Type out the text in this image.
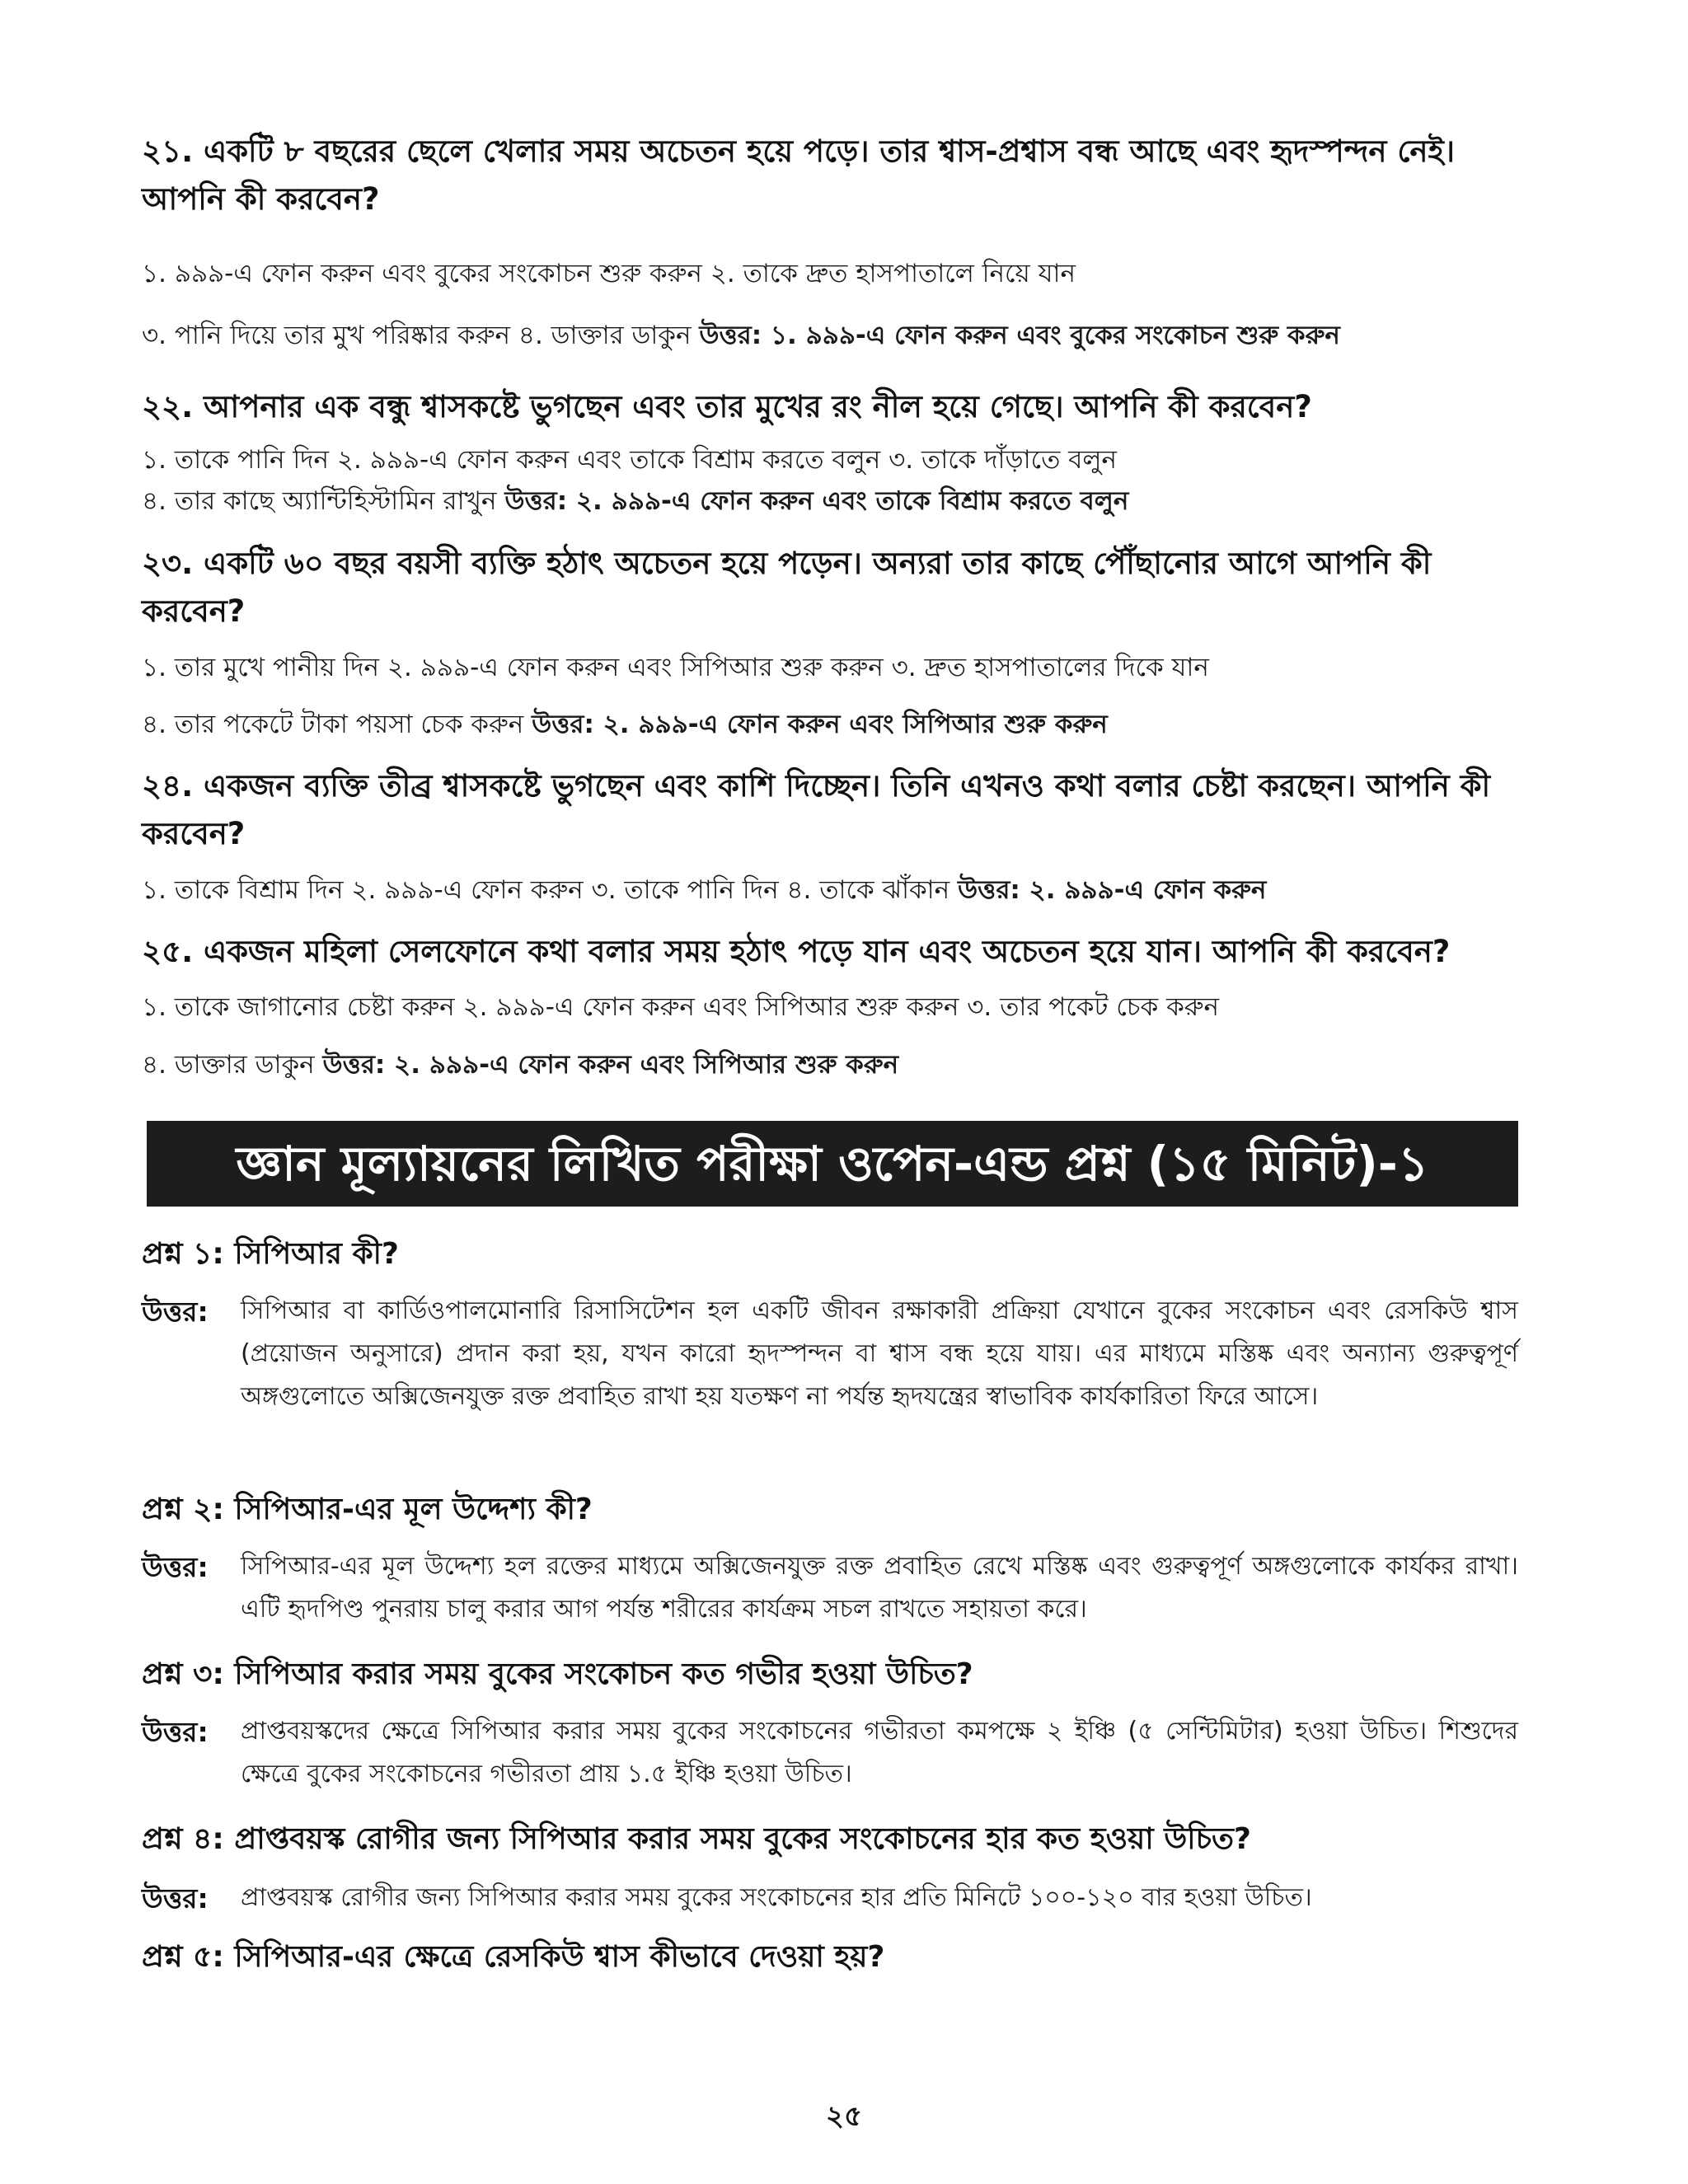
২১. একটি ৮ বছরের ছেলে খেলার সময় অচেতন হয়ে পড়ে। তার শ্বাস-প্রশ্বাস বন্ধ আছে এবং হৃদস্পন্দন নেই। আপনি কী করবেন?
১. ৯৯৯-এ ফোন করুন এবং বুকের সংকোচন শুরু করুন ২. তাকে দ্রুত হাসপাতালে নিয়ে যান
৩. পানি দিয়ে তার মুখ পরিষ্কার করুন ৪. ডাক্তার ডাকুন উত্তর: ১. ৯৯৯-এ ফোন করুন এবং বুকের সংকোচন শুরু করুন
২২. আপনার এক বন্ধু শ্বাসকষ্টে ভুগছেন এবং তার মুখের রং নীল হয়ে গেছে। আপনি কী করবেন?
১. তাকে পানি দিন ২. ৯৯৯-এ ফোন করুন এবং তাকে বিশ্রাম করতে বলুন ৩. তাকে দাঁড়াতে বলুন
৪. তার কাছে অ্যান্টিহিস্টামিন রাখুন উত্তর: ২. ৯৯৯-এ ফোন করুন এবং তাকে বিশ্রাম করতে বলুন
২৩. একটি ৬০ বছর বয়সী ব্যক্তি হঠাৎ অচেতন হয়ে পড়েন। অন্যরা তার কাছে পৌঁছানোর আগে আপনি কী করবেন?
১. তার মুখে পানীয় দিন ২. ৯৯৯-এ ফোন করুন এবং সিপিআর শুরু করুন ৩. দ্রুত হাসপাতালের দিকে যান
৪. তার পকেটে টাকা পয়সা চেক করুন উত্তর: ২. ৯৯৯-এ ফোন করুন এবং সিপিআর শুরু করুন
২৪. একজন ব্যক্তি তীব্র শ্বাসকষ্টে ভুগছেন এবং কাশি দিচ্ছেন। তিনি এখনও কথা বলার চেষ্টা করছেন। আপনি কী করবেন?
১. তাকে বিশ্রাম দিন ২. ৯৯৯-এ ফোন করুন ৩. তাকে পানি দিন ৪. তাকে ঝাঁকান উত্তর: ২. ৯৯৯-এ ফোন করুন
২৫. একজন মহিলা সেলফোনে কথা বলার সময় হঠাৎ পড়ে যান এবং অচেতন হয়ে যান। আপনি কী করবেন?
১. তাকে জাগানোর চেষ্টা করুন ২. ৯৯৯-এ ফোন করুন এবং সিপিআর শুরু করুন ৩. তার পকেট চেক করুন
৪. ডাক্তার ডাকুন উত্তর: ২. ৯৯৯-এ ফোন করুন এবং সিপিআর শুরু করুন
জ্ঞান মূল্যায়নের লিখিত পরীক্ষা ওপেন-এন্ড প্রশ্ন (১৫ মিনিট)-১
প্রশ্ন ১: সিপিআর কী?
উত্তর: সিপিআর বা কার্ডিওপালমোনারি রিসাসিটেশন হল একটি জীবন রক্ষাকারী প্রক্রিয়া যেখানে বুকের সংকোচন এবং রেসকিউ শ্বাস (প্রয়োজন অনুসারে) প্রদান করা হয়, যখন কারো হৃদস্পন্দন বা শ্বাস বন্ধ হয়ে যায়। এর মাধ্যমে মস্তিষ্ক এবং অন্যান্য গুরুত্বপূর্ণ অঙ্গগুলোতে অক্সিজেনযুক্ত রক্ত প্রবাহিত রাখা হয় যতক্ষণ না পর্যন্ত হৃদযন্ত্রের স্বাভাবিক কার্যকারিতা ফিরে আসে।
প্রশ্ন ২: সিপিআর-এর মূল উদ্দেশ্য কী?
উত্তর: সিপিআর-এর মূল উদ্দেশ্য হল রক্তের মাধ্যমে অক্সিজেনযুক্ত রক্ত প্রবাহিত রেখে মস্তিষ্ক এবং গুরুত্বপূর্ণ অঙ্গগুলোকে কার্যকর রাখা। এটি হৃদপিণ্ড পুনরায় চালু করার আগ পর্যন্ত শরীরের কার্যক্রম সচল রাখতে সহায়তা করে।
প্রশ্ন ৩: সিপিআর করার সময় বুকের সংকোচন কত গভীর হওয়া উচিত?
উত্তর: প্রাপ্তবয়স্কদের ক্ষেত্রে সিপিআর করার সময় বুকের সংকোচনের গভীরতা কমপক্ষে ২ ইঞ্চি (৫ সেন্টিমিটার) হওয়া উচিত। শিশুদের ক্ষেত্রে বুকের সংকোচনের গভীরতা প্রায় ১.৫ ইঞ্চি হওয়া উচিত।
প্রশ্ন ৪: প্রাপ্তবয়স্ক রোগীর জন্য সিপিআর করার সময় বুকের সংকোচনের হার কত হওয়া উচিত?
উত্তর: প্রাপ্তবয়স্ক রোগীর জন্য সিপিআর করার সময় বুকের সংকোচনের হার প্রতি মিনিটে ১০০-১২০ বার হওয়া উচিত।
প্রশ্ন ৫: সিপিআর-এর ক্ষেত্রে রেসকিউ শ্বাস কীভাবে দেওয়া হয়?
২৫
